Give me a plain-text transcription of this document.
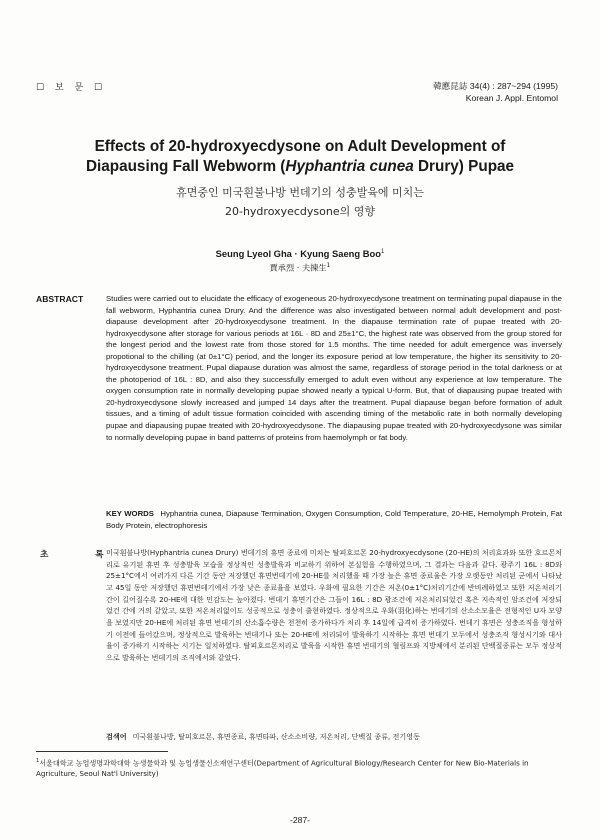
☐ 보 문 ☐	韓應昆誌 34(4) : 287~294 (1995)
Korean J. Appl. Entomol
Effects of 20-hydroxyecdysone on Adult Development of
Diapausing Fall Webworm (Hyphantria cunea Drury) Pupae
휴면중인 미국흰불나방 번데기의 성충발육에 미치는
20-hydroxyecdysone의 영향
Seung Lyeol Gha · Kyung Saeng Boo$^1$
賈承烈 · 夫揀生$^1$
ABSTRACT	Studies were carried out to elucidate the efficacy of exogeneous 20-hydroxyecdysone treatment on terminating pupal diapause in the fall webworm, Hyphantria cunea Drury. And the difference was also investigated between normal adult development and post-diapause development after 20-hydroxyecdysone treatment. In the diapause termination rate of pupae treated with 20-hydroxyecdysone after storage for various periods at 16L · 8D and 25±1°C, the highest rate was observed from the group stored for the longest period and the lowest rate from those stored for 1.5 months. The time needed for adult emergence was inversely propotional to the chilling (at 0±1°C) period, and the longer its exposure period at low temperature, the higher its sensitivity to 20-hydroxyecdysone treatment. Pupal diapause duration was almost the same, regardless of storage period in the total darkness or at the photoperiod of 16L : 8D, and also they successfully emerged to adult even without any experience at low temperature. The oxygen consumption rate in normally developing pupae showed nearly a typical U-form. But, that of diapausing pupae treated with 20-hydroxyecdysone slowly increased and jumped 14 days after the treatment. Pupal diapause began before formation of adult tissues, and a timing of adult tissue formation coincided with ascending timing of the metabolic rate in both normally developing pupae and diapausing pupae treated with 20-hydroxyecdysone. The diapausing pupae treated with 20-hydroxyecdysone was similar to normally developing pupae in band patterns of proteins from haemolymph or fat body.
KEY WORDS Hyphantria cunea, Diapause Termination, Oxygen Consumption, Cold Temperature, 20-HE, Hemolymph Protein, Fat Body Protein, electrophoresis
초 록
미국흰불나방(Hyphantria cunea Drury) 번데기의 휴면 종료에 미치는 탈피호르몬 20-hydroxyecdysone (20-HE)의 처리효과와 또한 호르몬처리로 유기된 휴면 후 성충발육 모습을 정상적인 성충발육과 비교하기 위하여 본실험을 수행하였으며, 그 결과는 다음과 같다. 광주기 16L : 8D와 25±1°C에서 여러가지 다른 기간 동안 저장했던 휴면번데기에 20-HE를 처리했을 때 가장 높은 휴면 종료율은 가장 오랫동안 처리된 군에서 나타났고 45일 동안 저장했던 휴면번데기에서 가장 낮은 종료율을 보였다. 우화에 필요한 기간은 저온(0±1°C)처리기간에 반비례하였고 또한 저온처리기간이 길어질수록 20-HE에 대한 민감도는 높아졌다. 번데기 휴면기간은 그들이 16L : 8D 광조건에 저온처리되었건 혹은 지속적인 암조건에 저장되었건 간에 거의 같았고, 또한 저온처리없이도 성공적으로 성충이 출현하였다. 정상적으로 우화(羽化)하는 번데기의 산소소모율은 전형적인 U자 모양을 보였지만 20-HE에 처리된 휴면 번데기의 산소흡수량은 천천히 증가하다가 처리 후 14일에 급격히 증가하였다. 번데기 휴면은 성충조직을 형성하기 이전에 들어갔으며, 정상적으로 발육하는 번데기나 또는 20-HE에 처리되어 발육하기 시작하는 휴면 번데기 모두에서 성충조직 형성시기와 대사율이 증가하기 시작하는 시기는 일치하였다. 탈피호르몬처리로 발육을 시작한 휴면 번데기의 혈림프와 지방체에서 분리된 단백질종류는 모두 정상적으로 발육하는 번데기의 조직에서와 같았다.
검색어 미국흰불나방, 탈피호르몬, 휴면종료, 휴면타파, 산소소비량, 저온처리, 단백질 종류, 전기영동
$^1$서울대학교 농업생명과학대학 농생물학과 및 농업생물신소재연구센터(Department of Agricultural Biology/Research Center for New Bio-Materials in Agriculture, Seoul Nat'l University)
-287-
